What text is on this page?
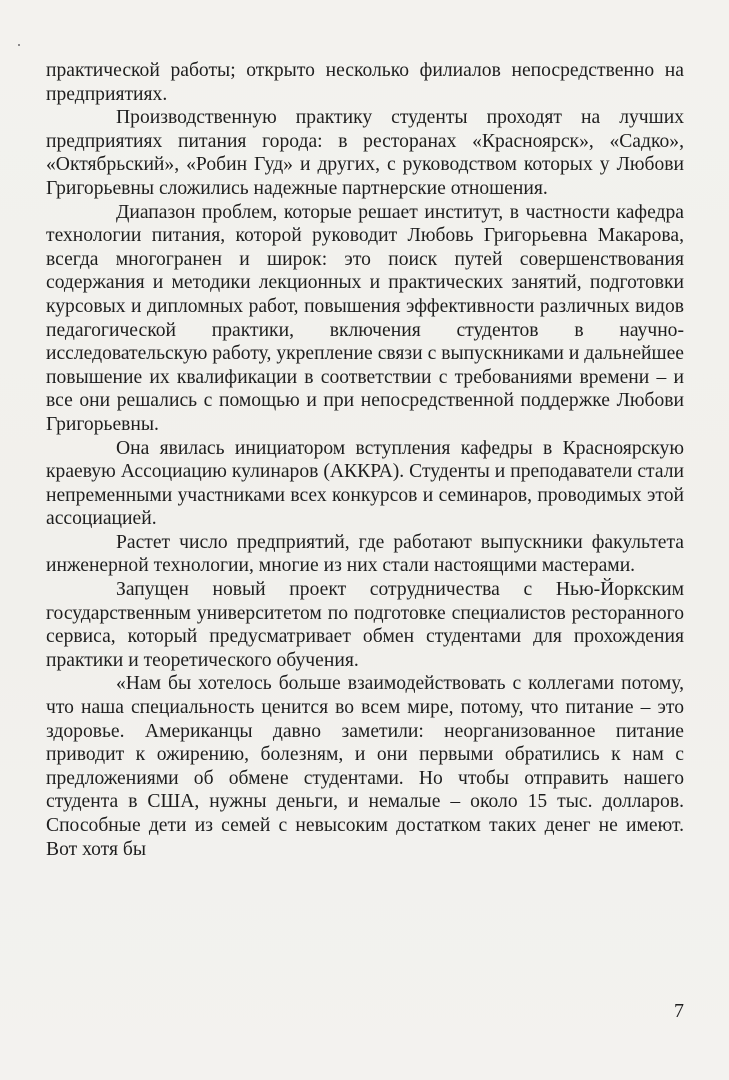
практической работы; открыто несколько филиалов непосредственно на предприятиях.

Производственную практику студенты проходят на лучших предприятиях питания города: в ресторанах «Красноярск», «Садко», «Октябрьский», «Робин Гуд» и других, с руководством которых у Любови Григорьевны сложились надежные партнерские отношения.

Диапазон проблем, которые решает институт, в частности кафедра технологии питания, которой руководит Любовь Григорьевна Макарова, всегда многогранен и широк: это поиск путей совершенствования содержания и методики лекционных и практических занятий, подготовки курсовых и дипломных работ, повышения эффективности различных видов педагогической практики, включения студентов в научно-исследовательскую работу, укрепление связи с выпускниками и дальнейшее повышение их квалификации в соответствии с требованиями времени – и все они решались с помощью и при непосредственной поддержке Любови Григорьевны.

Она явилась инициатором вступления кафедры в Красноярскую краевую Ассоциацию кулинаров (АККРА). Студенты и преподаватели стали непременными участниками всех конкурсов и семинаров, проводимых этой ассоциацией.

Растет число предприятий, где работают выпускники факультета инженерной технологии, многие из них стали настоящими мастерами.

Запущен новый проект сотрудничества с Нью-Йоркским государственным университетом по подготовке специалистов ресторанного сервиса, который предусматривает обмен студентами для прохождения практики и теоретического обучения.

«Нам бы хотелось больше взаимодействовать с коллегами потому, что наша специальность ценится во всем мире, потому, что питание – это здоровье. Американцы давно заметили: неорганизованное питание приводит к ожирению, болезням, и они первыми обратились к нам с предложениями об обмене студентами. Но чтобы отправить нашего студента в США, нужны деньги, и немалые – около 15 тыс. долларов. Способные дети из семей с невысоким достатком таких денег не имеют. Вот хотя бы

7
